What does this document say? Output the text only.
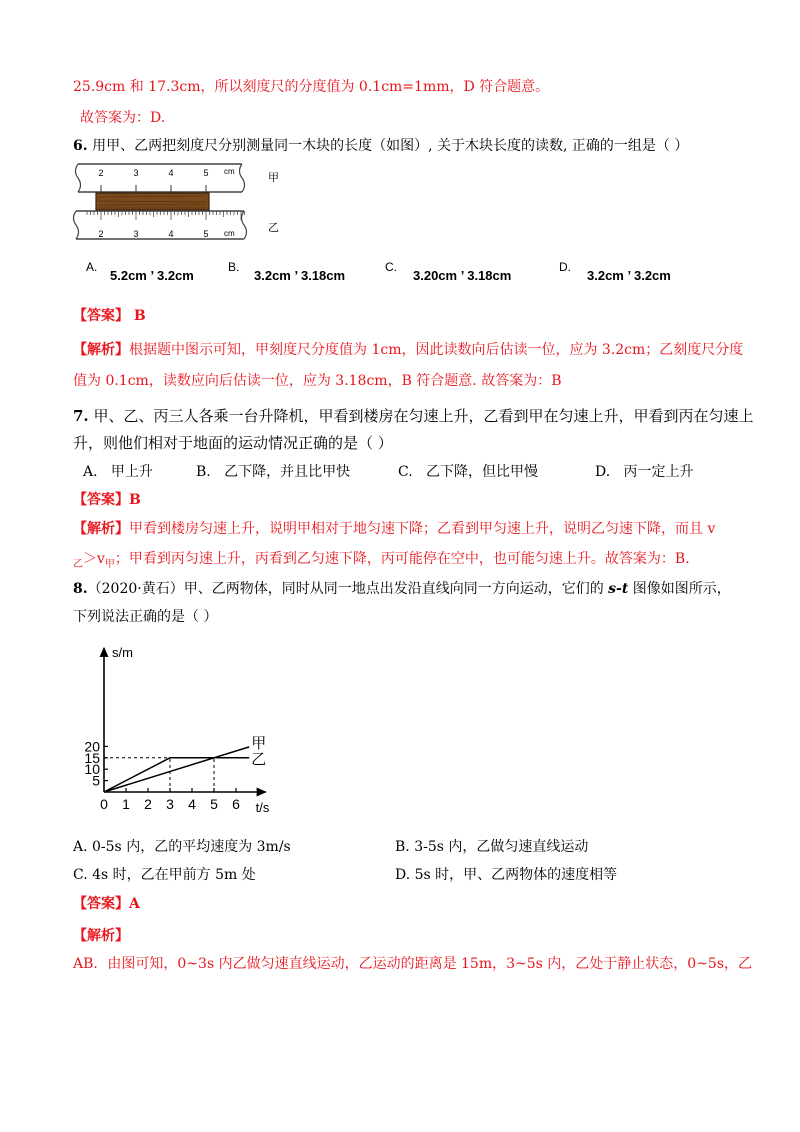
25.9cm 和 17.3cm，所以刻度尺的分度值为 0.1cm=1mm，D 符合题意。
故答案为：D.
6. 用甲、乙两把刻度尺分别测量同一木块的长度（如图）, 关于木块长度的读数, 正确的一组是（ ）
2	3	4	5 cm
甲
2	3	4	5 cm	乙
A.
5.2cm ’ 3.2cm
B.
3.2cm ’ 3.18cm
C.
3.20cm ’ 3.18cm
D.
3.2cm ’ 3.2cm
【答案】 B
【解析】根据题中图示可知，甲刻度尺分度值为 1cm，因此读数向后估读一位，应为 3.2cm；乙刻度尺分度
值为 0.1cm，读数应向后估读一位，应为 3.18cm，B 符合题意. 故答案为：B
7. 甲、乙、丙三人各乘一台升降机，甲看到楼房在匀速上升，乙看到甲在匀速上升，甲看到丙在匀速上
升，则他们相对于地面的运动情况正确的是（ ）
A. 甲上升	B. 乙下降，并且比甲快	C. 乙下降，但比甲慢	D. 丙一定上升
【答案】B
【解析】甲看到楼房匀速上升，说明甲相对于地匀速下降；乙看到甲匀速上升，说明乙匀速下降，而且 v
$_乙>v_甲$；甲看到丙匀速上升，丙看到乙匀速下降，丙可能停在空中，也可能匀速上升。故答案为：B.
8.（2020·黄石）甲、乙两物体，同时从同一地点出发沿直线向同一方向运动，它们的 s-t 图像如图所示，
下列说法正确的是（ ）
0 1 2 3 4 5 6
5
10
15
20
s/m
t/s
甲
乙
A. 0-5s 内，乙的平均速度为 3m/s	B. 3-5s 内，乙做匀速直线运动
C. 4s 时，乙在甲前方 5m 处	D. 5s 时，甲、乙两物体的速度相等
【答案】A
【解析】
AB．由图可知，0~3s 内乙做匀速直线运动，乙运动的距离是 15m，3~5s 内，乙处于静止状态，0~5s，乙
